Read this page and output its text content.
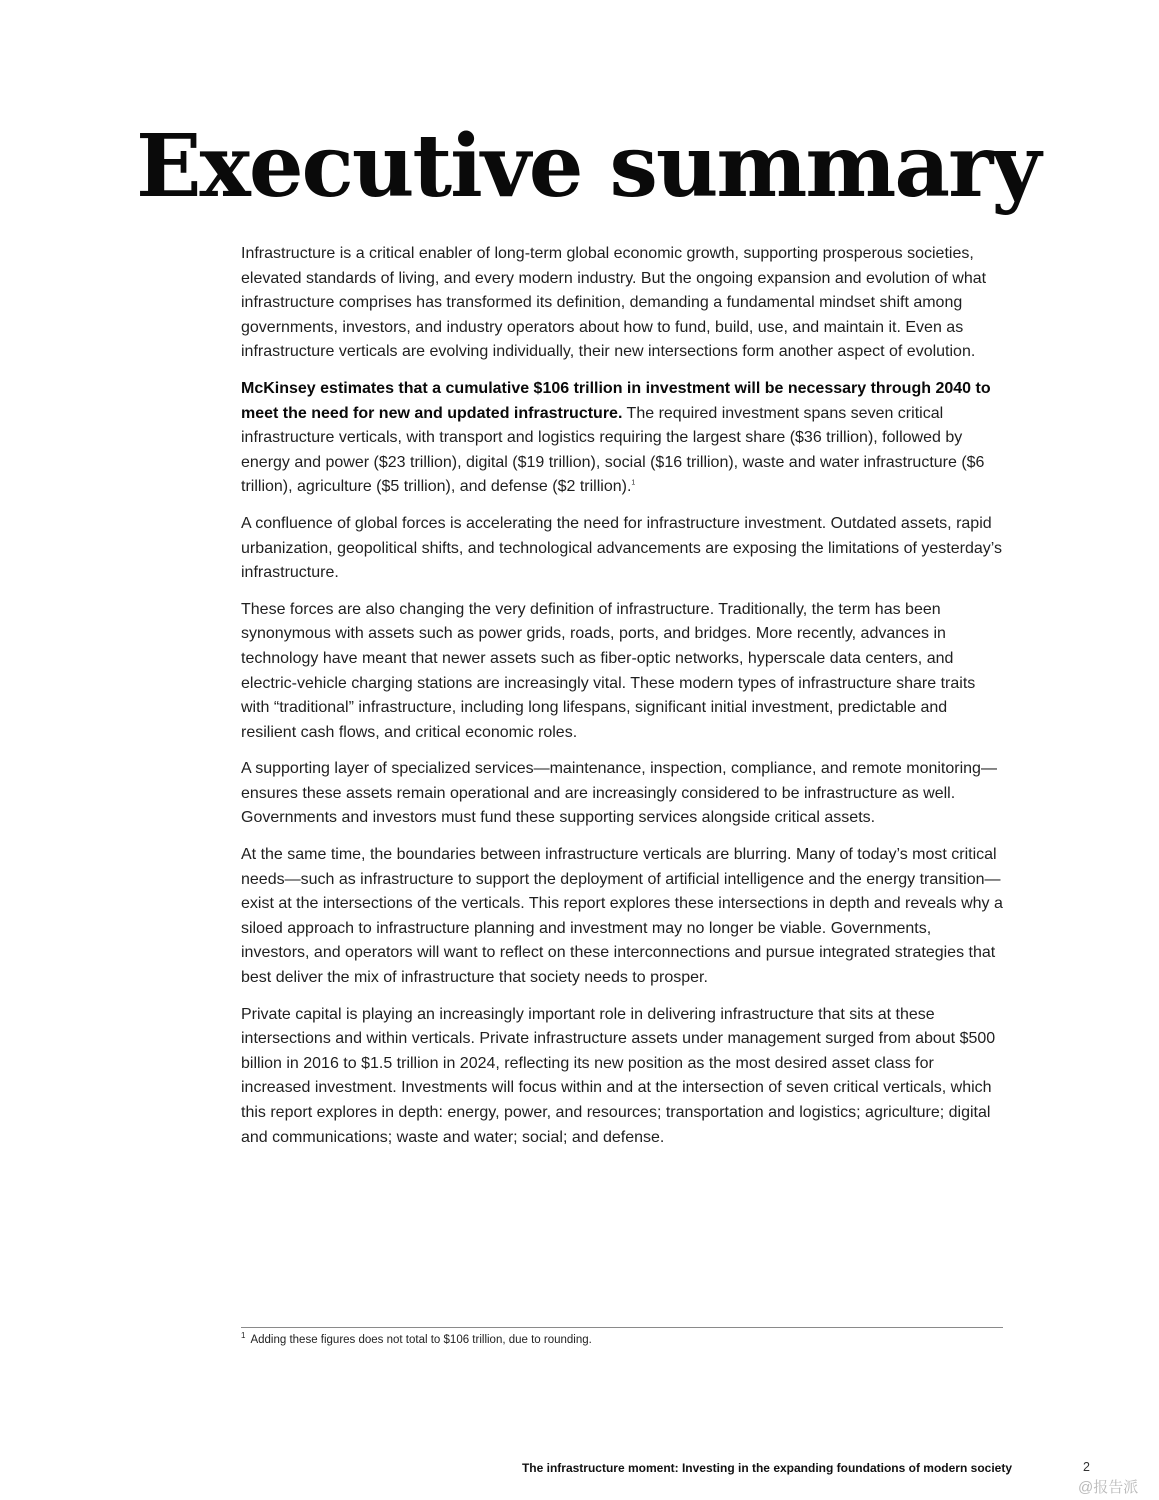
Executive summary

Infrastructure is a critical enabler of long-term global economic growth, supporting prosperous societies, elevated standards of living, and every modern industry. But the ongoing expansion and evolution of what infrastructure comprises has transformed its definition, demanding a fundamental mindset shift among governments, investors, and industry operators about how to fund, build, use, and maintain it. Even as infrastructure verticals are evolving individually, their new intersections form another aspect of evolution.

McKinsey estimates that a cumulative $106 trillion in investment will be necessary through 2040 to meet the need for new and updated infrastructure. The required investment spans seven critical infrastructure verticals, with transport and logistics requiring the largest share ($36 trillion), followed by energy and power ($23 trillion), digital ($19 trillion), social ($16 trillion), waste and water infrastructure ($6 trillion), agriculture ($5 trillion), and defense ($2 trillion).$^1$

A confluence of global forces is accelerating the need for infrastructure investment. Outdated assets, rapid urbanization, geopolitical shifts, and technological advancements are exposing the limitations of yesterday’s infrastructure.

These forces are also changing the very definition of infrastructure. Traditionally, the term has been synonymous with assets such as power grids, roads, ports, and bridges. More recently, advances in technology have meant that newer assets such as fiber-optic networks, hyperscale data centers, and electric-vehicle charging stations are increasingly vital. These modern types of infrastructure share traits with “traditional” infrastructure, including long lifespans, significant initial investment, predictable and resilient cash flows, and critical economic roles.

A supporting layer of specialized services—maintenance, inspection, compliance, and remote monitoring—ensures these assets remain operational and are increasingly considered to be infrastructure as well. Governments and investors must fund these supporting services alongside critical assets.

At the same time, the boundaries between infrastructure verticals are blurring. Many of today’s most critical needs—such as infrastructure to support the deployment of artificial intelligence and the energy transition—exist at the intersections of the verticals. This report explores these intersections in depth and reveals why a siloed approach to infrastructure planning and investment may no longer be viable. Governments, investors, and operators will want to reflect on these interconnections and pursue integrated strategies that best deliver the mix of infrastructure that society needs to prosper.

Private capital is playing an increasingly important role in delivering infrastructure that sits at these intersections and within verticals. Private infrastructure assets under management surged from about $500 billion in 2016 to $1.5 trillion in 2024, reflecting its new position as the most desired asset class for increased investment. Investments will focus within and at the intersection of seven critical verticals, which this report explores in depth: energy, power, and resources; transportation and logistics; agriculture; digital and communications; waste and water; social; and defense.

$^1$ Adding these figures does not total to $106 trillion, due to rounding.
The infrastructure moment: Investing in the expanding foundations of modern society	2
@报告派
